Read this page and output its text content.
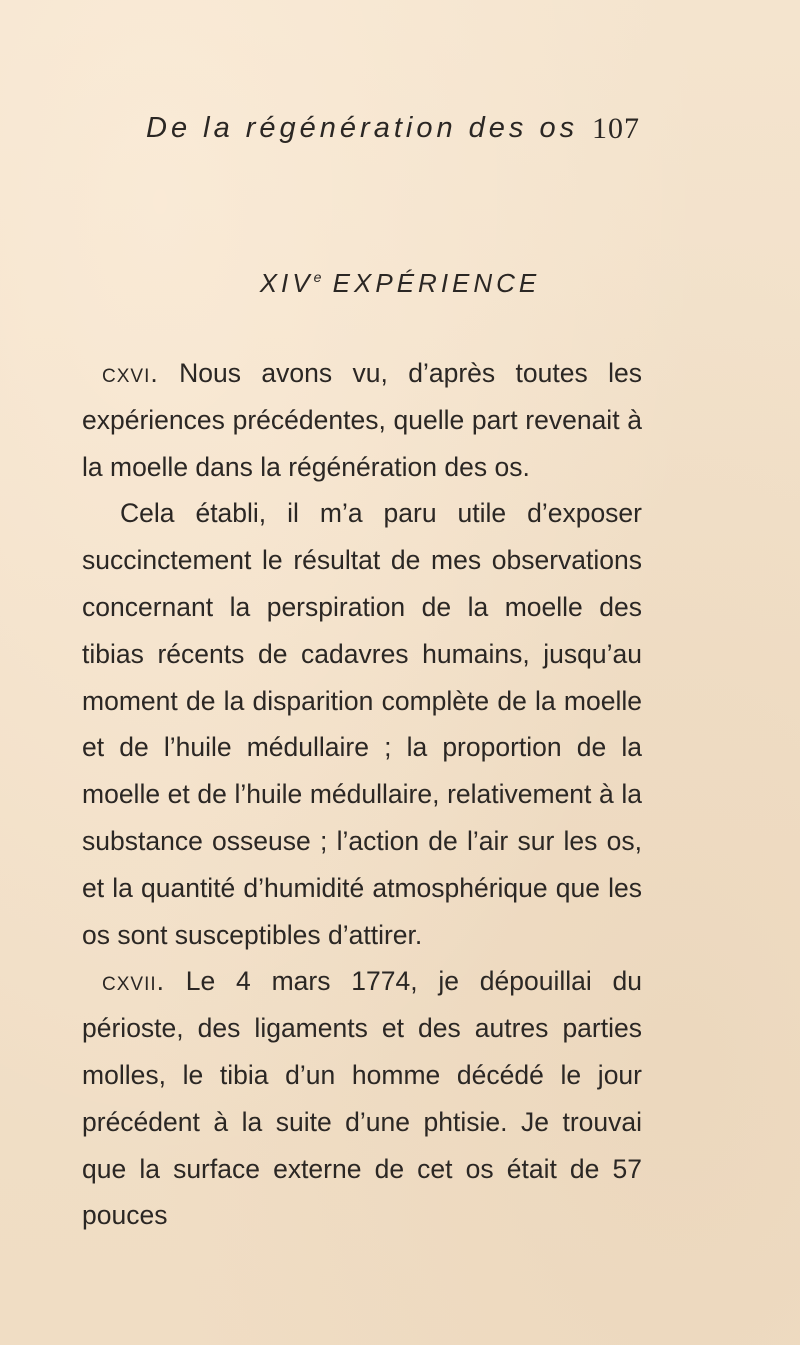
De la régénération des os 107
XIVe EXPÉRIENCE

cxvi. Nous avons vu, d’après toutes les expériences précédentes, quelle part revenait à la moelle dans la régénération des os.

Cela établi, il m’a paru utile d’exposer succinctement le résultat de mes observations concernant la perspiration de la moelle des tibias récents de cadavres humains, jusqu’au moment de la disparition complète de la moelle et de l’huile médullaire ; la proportion de la moelle et de l’huile médullaire, relativement à la substance osseuse ; l’action de l’air sur les os, et la quantité d’humidité atmosphérique que les os sont susceptibles d’attirer.

cxvii. Le 4 mars 1774, je dépouillai du périoste, des ligaments et des autres parties molles, le tibia d’un homme décédé le jour précédent à la suite d’une phtisie. Je trouvai que la surface externe de cet os était de 57 pouces
